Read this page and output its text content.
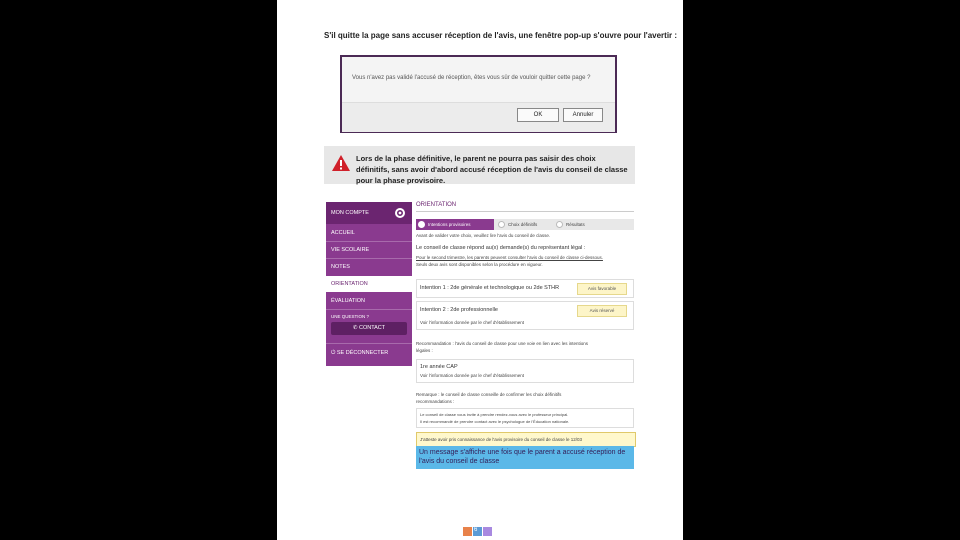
S'il quitte la page sans accuser réception de l'avis, une fenêtre pop-up s'ouvre pour l'avertir :
Vous n'avez pas validé l'accusé de réception, êtes vous sûr de vouloir quitter cette page ?
OK	Annuler
Lors de la phase définitive, le parent ne pourra pas saisir des choix définitifs, sans avoir d'abord accusé réception de l'avis du conseil de classe pour la phase provisoire.
MON COMPTE
ACCUEIL
VIE SCOLAIRE
NOTES
ORIENTATION
ÉVALUATION
UNE QUESTION ?
✆ CONTACT
⏻ SE DÉCONNECTER
ORIENTATION
Intentions provisoires	Choix définitifs	Résultats
Avant de valider votre choix, veuillez lire l'avis du conseil de classe.
Le conseil de classe répond au(x) demande(s) du représentant légal :
Pour le second trimestre, les parents peuvent consulter l'avis du conseil de classe ci-dessous.
Seuls deux avis sont disponibles selon la procédure en vigueur.
Intention 1 : 2de générale et technologique ou 2de STHR	Avis favorable
Intention 2 : 2de professionnelle	Avis réservé
Voir l'information donnée par le chef d'établissement
Recommandation : l'avis du conseil de classe pour une voie en lien avec les intentions
légales :
1re année CAP
Voir l'information donnée par le chef d'établissement
Remarque : le conseil de classe conseille de confirmer les choix définitifs
recommandations :
Le conseil de classe vous invite à prendre rendez-vous avec le professeur principal.
Il est recommandé de prendre contact avec le psychologue de l'Éducation nationale.
J'atteste avoir pris connaissance de l'avis provisoire du conseil de classe le 12/03
Un message s'affiche une fois que le parent a accusé réception de l'avis du conseil de classe
6
